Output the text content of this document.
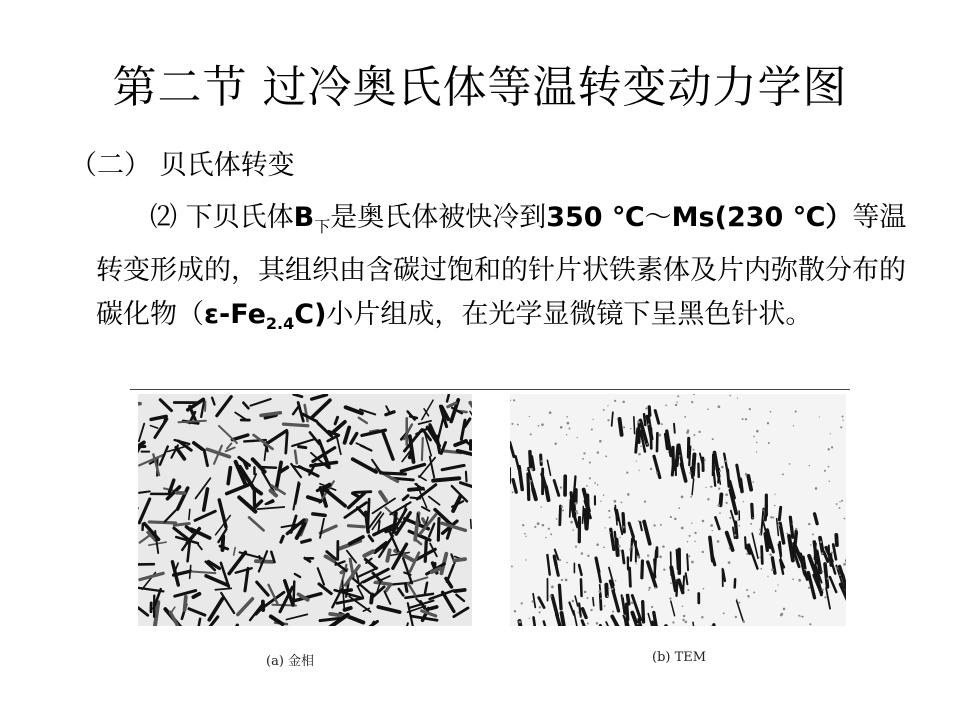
第二节 过冷奥氏体等温转变动力学图
（二） 贝氏体转变
⑵ 下贝氏体$B_下$是奥氏体被快冷到350 ℃～Ms(230 ℃）等温转变形成的，其组织由含碳过饱和的针片状铁素体及片内弥散分布的碳化物$(\varepsilon-Fe_{2.4}C)$小片组成，在光学显微镜下呈黑色针状。
(a) 金相	(b) TEM
